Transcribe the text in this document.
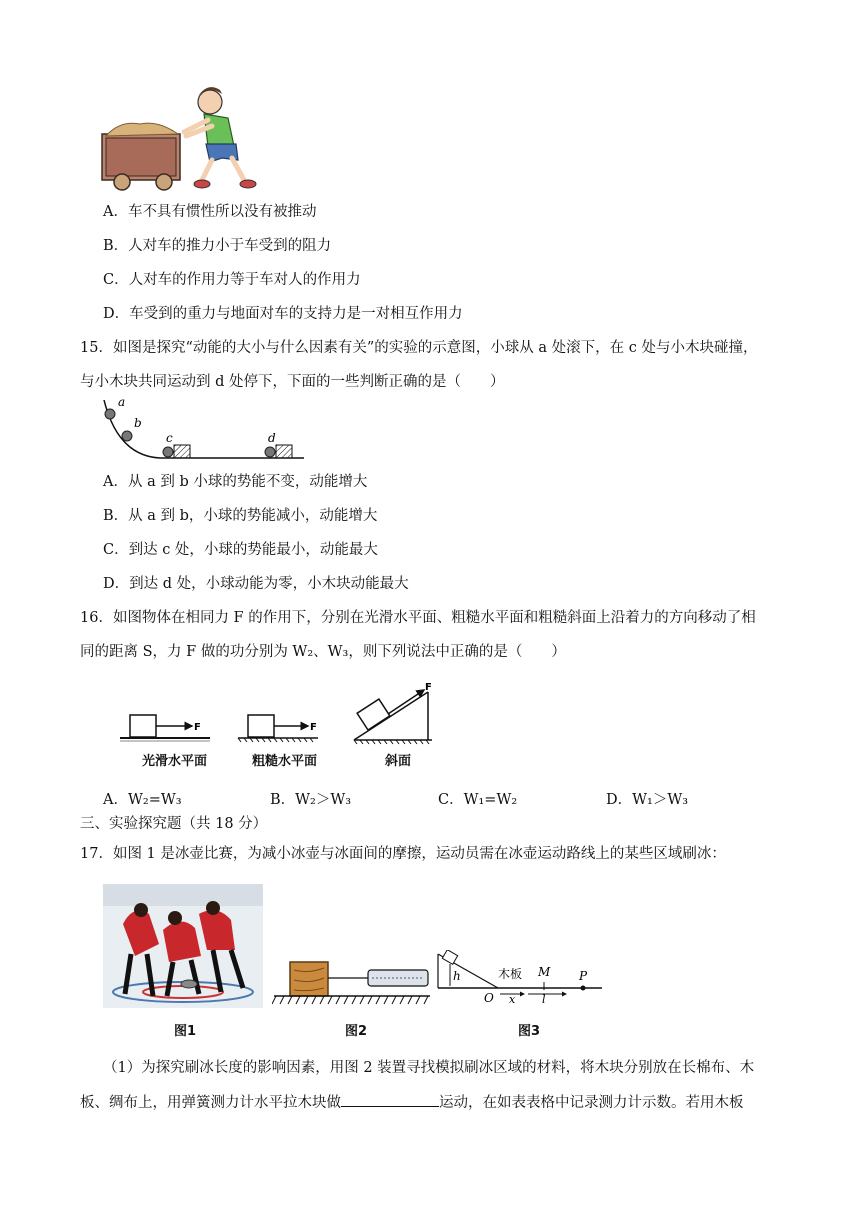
A．车不具有惯性所以没有被推动
B．人对车的推力小于车受到的阻力
C．人对车的作用力等于车对人的作用力
D．车受到的重力与地面对车的支持力是一对相互作用力
15．如图是探究“动能的大小与什么因素有关”的实验的示意图，小球从 a 处滚下，在 c 处与小木块碰撞，
与小木块共同运动到 d 处停下，下面的一些判断正确的是（　　）
a
b
c	d
A．从 a 到 b 小球的势能不变，动能增大
B．从 a 到 b，小球的势能减小，动能增大
C．到达 c 处，小球的势能最小，动能最大
D．到达 d 处，小球动能为零，小木块动能最大
16．如图物体在相同力 F 的作用下，分别在光滑水平面、粗糙水平面和粗糙斜面上沿着力的方向移动了相
同的距离 S，力 F 做的功分别为 W₂、W₃，则下列说法中正确的是（　　）
F	F
F
光滑水平面	粗糙水平面	斜面
A．W₂=W₃	B．W₂＞W₃	C．W₁=W₂	D．W₁＞W₃
三、实验探究题（共 18 分）
17．如图 1 是冰壶比赛，为减小冰壶与冰面间的摩擦，运动员需在冰壶运动路线上的某些区域刷冰：
h
O
木板
x
M
l
P
图1	图2	图3
（1）为探究刷冰长度的影响因素，用图 2 装置寻找模拟刷冰区域的材料，将木块分别放在长棉布、木
板、绸布上，用弹簧测力计水平拉木块做	运动，在如表表格中记录测力计示数。若用木板
